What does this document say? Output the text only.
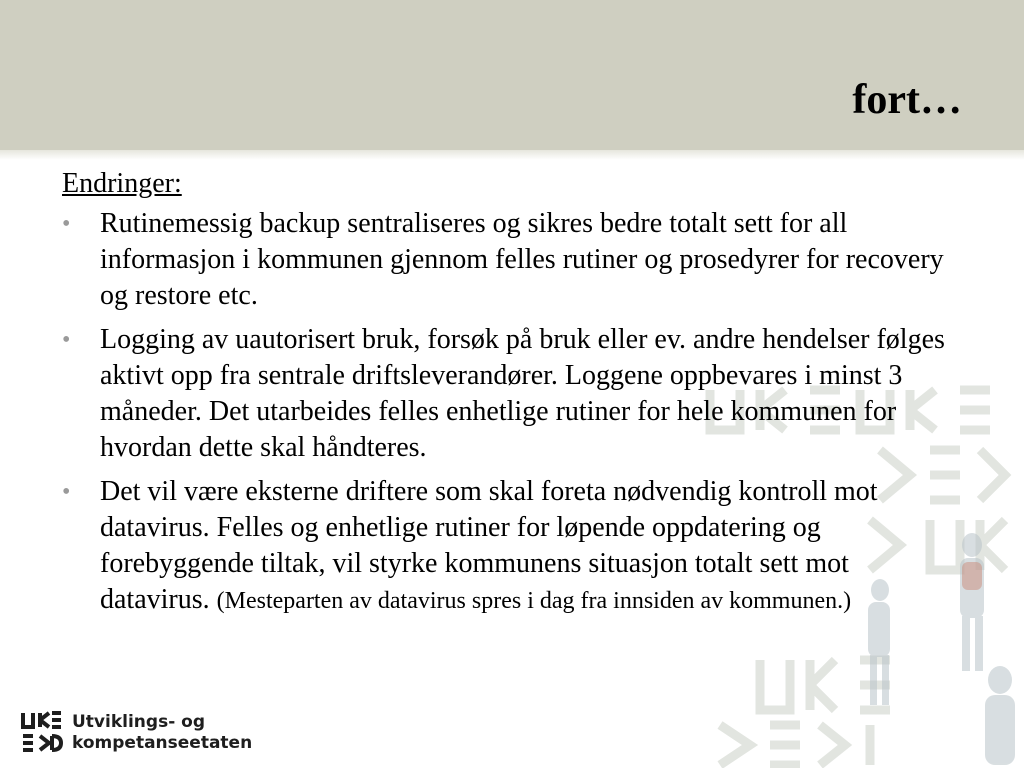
fort…
Endringer:
• Rutinemessig backup sentraliseres og sikres bedre totalt sett for all informasjon i kommunen gjennom felles rutiner og prosedyrer for recovery og restore etc.
• Logging av uautorisert bruk, forsøk på bruk eller ev. andre hendelser følges aktivt opp fra sentrale driftsleverandører. Loggene oppbevares i minst 3 måneder. Det utarbeides felles enhetlige rutiner for hele kommunen for hvordan dette skal håndteres.
• Det vil være eksterne driftere som skal foreta nødvendig kontroll mot datavirus. Felles og enhetlige rutiner for løpende oppdatering og forebyggende tiltak, vil styrke kommunens situasjon totalt sett mot datavirus. (Mesteparten av datavirus spres i dag fra innsiden av kommunen.)
Utviklings- og
kompetanseetaten
